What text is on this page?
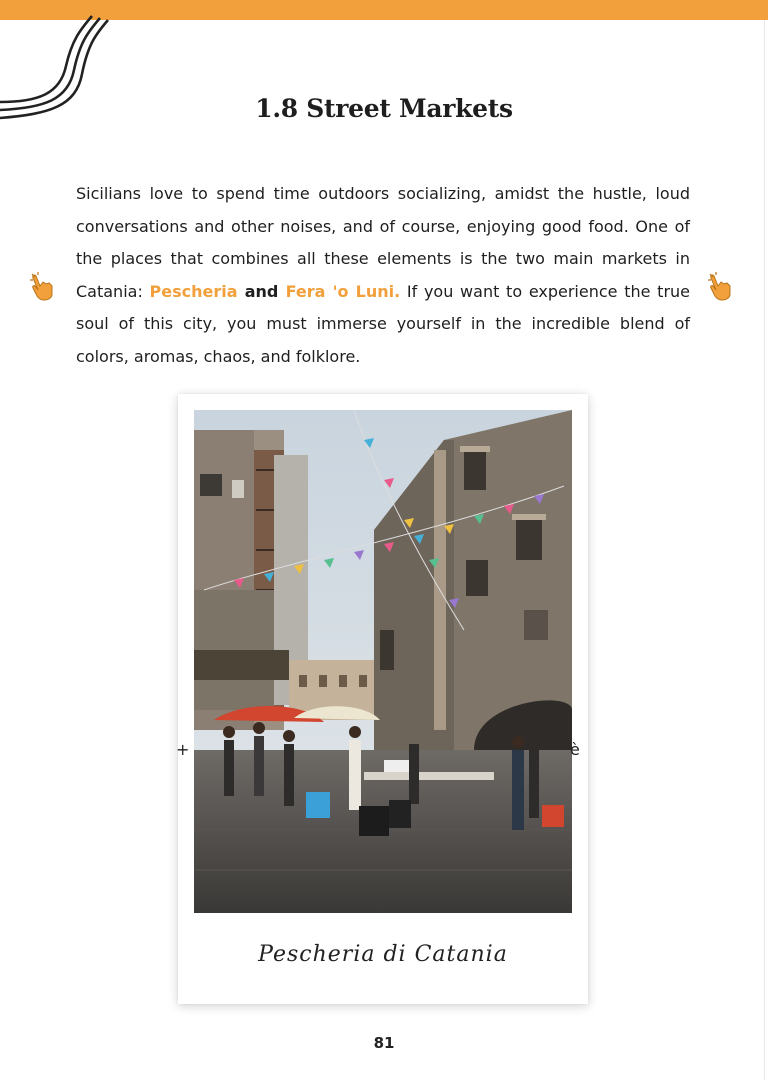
1.8 Street Markets

Sicilians love to spend time outdoors socializing, amidst the hustle, loud conversations and other noises, and of course, enjoying good food. One of the places that combines all these elements is the two main markets in Catania: Pescheria and Fera 'o Luni. If you want to experience the true soul of this city, you must immerse yourself in the incredible blend of colors, aromas, chaos, and folklore.

Pescheria di Catania
+	è
81
